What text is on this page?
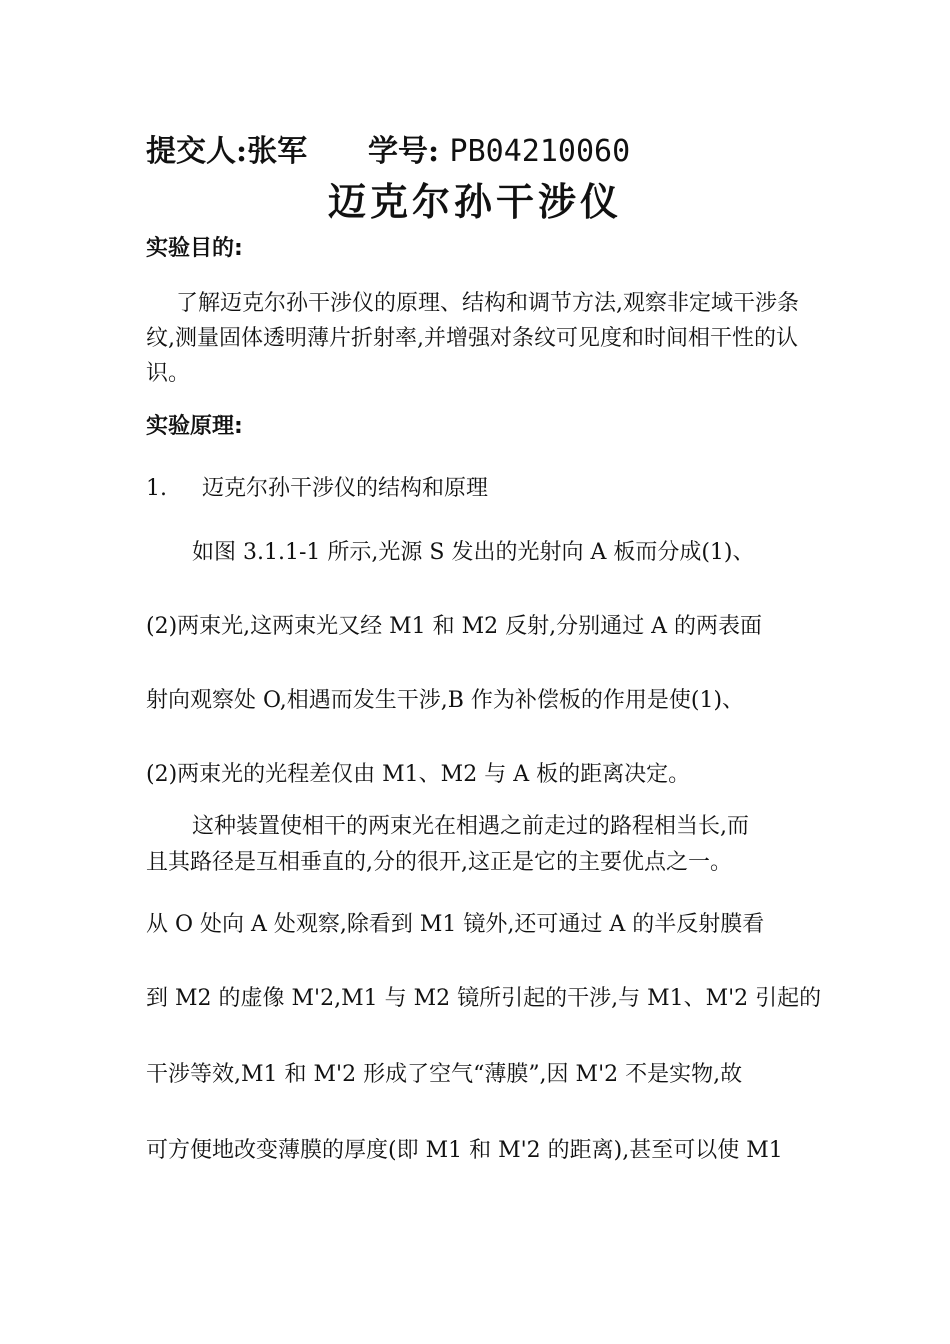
提交人:张军 学号: PB04210060
迈克尔孙干涉仪
实验目的:
了解迈克尔孙干涉仪的原理、结构和调节方法,观察非定域干涉条纹,测量固体透明薄片折射率,并增强对条纹可见度和时间相干性的认识。
实验原理:
1. 迈克尔孙干涉仪的结构和原理
如图 3.1.1-1 所示,光源 S 发出的光射向 A 板而分成(1)、
(2)两束光,这两束光又经 M1 和 M2 反射,分别通过 A 的两表面
射向观察处 O,相遇而发生干涉,B 作为补偿板的作用是使(1)、
(2)两束光的光程差仅由 M1、M2 与 A 板的距离决定。
这种装置使相干的两束光在相遇之前走过的路程相当长,而
且其路径是互相垂直的,分的很开,这正是它的主要优点之一。
从 O 处向 A 处观察,除看到 M1 镜外,还可通过 A 的半反射膜看
到 M2 的虚像 M'2,M1 与 M2 镜所引起的干涉,与 M1、M'2 引起的
干涉等效,M1 和 M'2 形成了空气“薄膜”,因 M'2 不是实物,故
可方便地改变薄膜的厚度(即 M1 和 M'2 的距离),甚至可以使 M1
